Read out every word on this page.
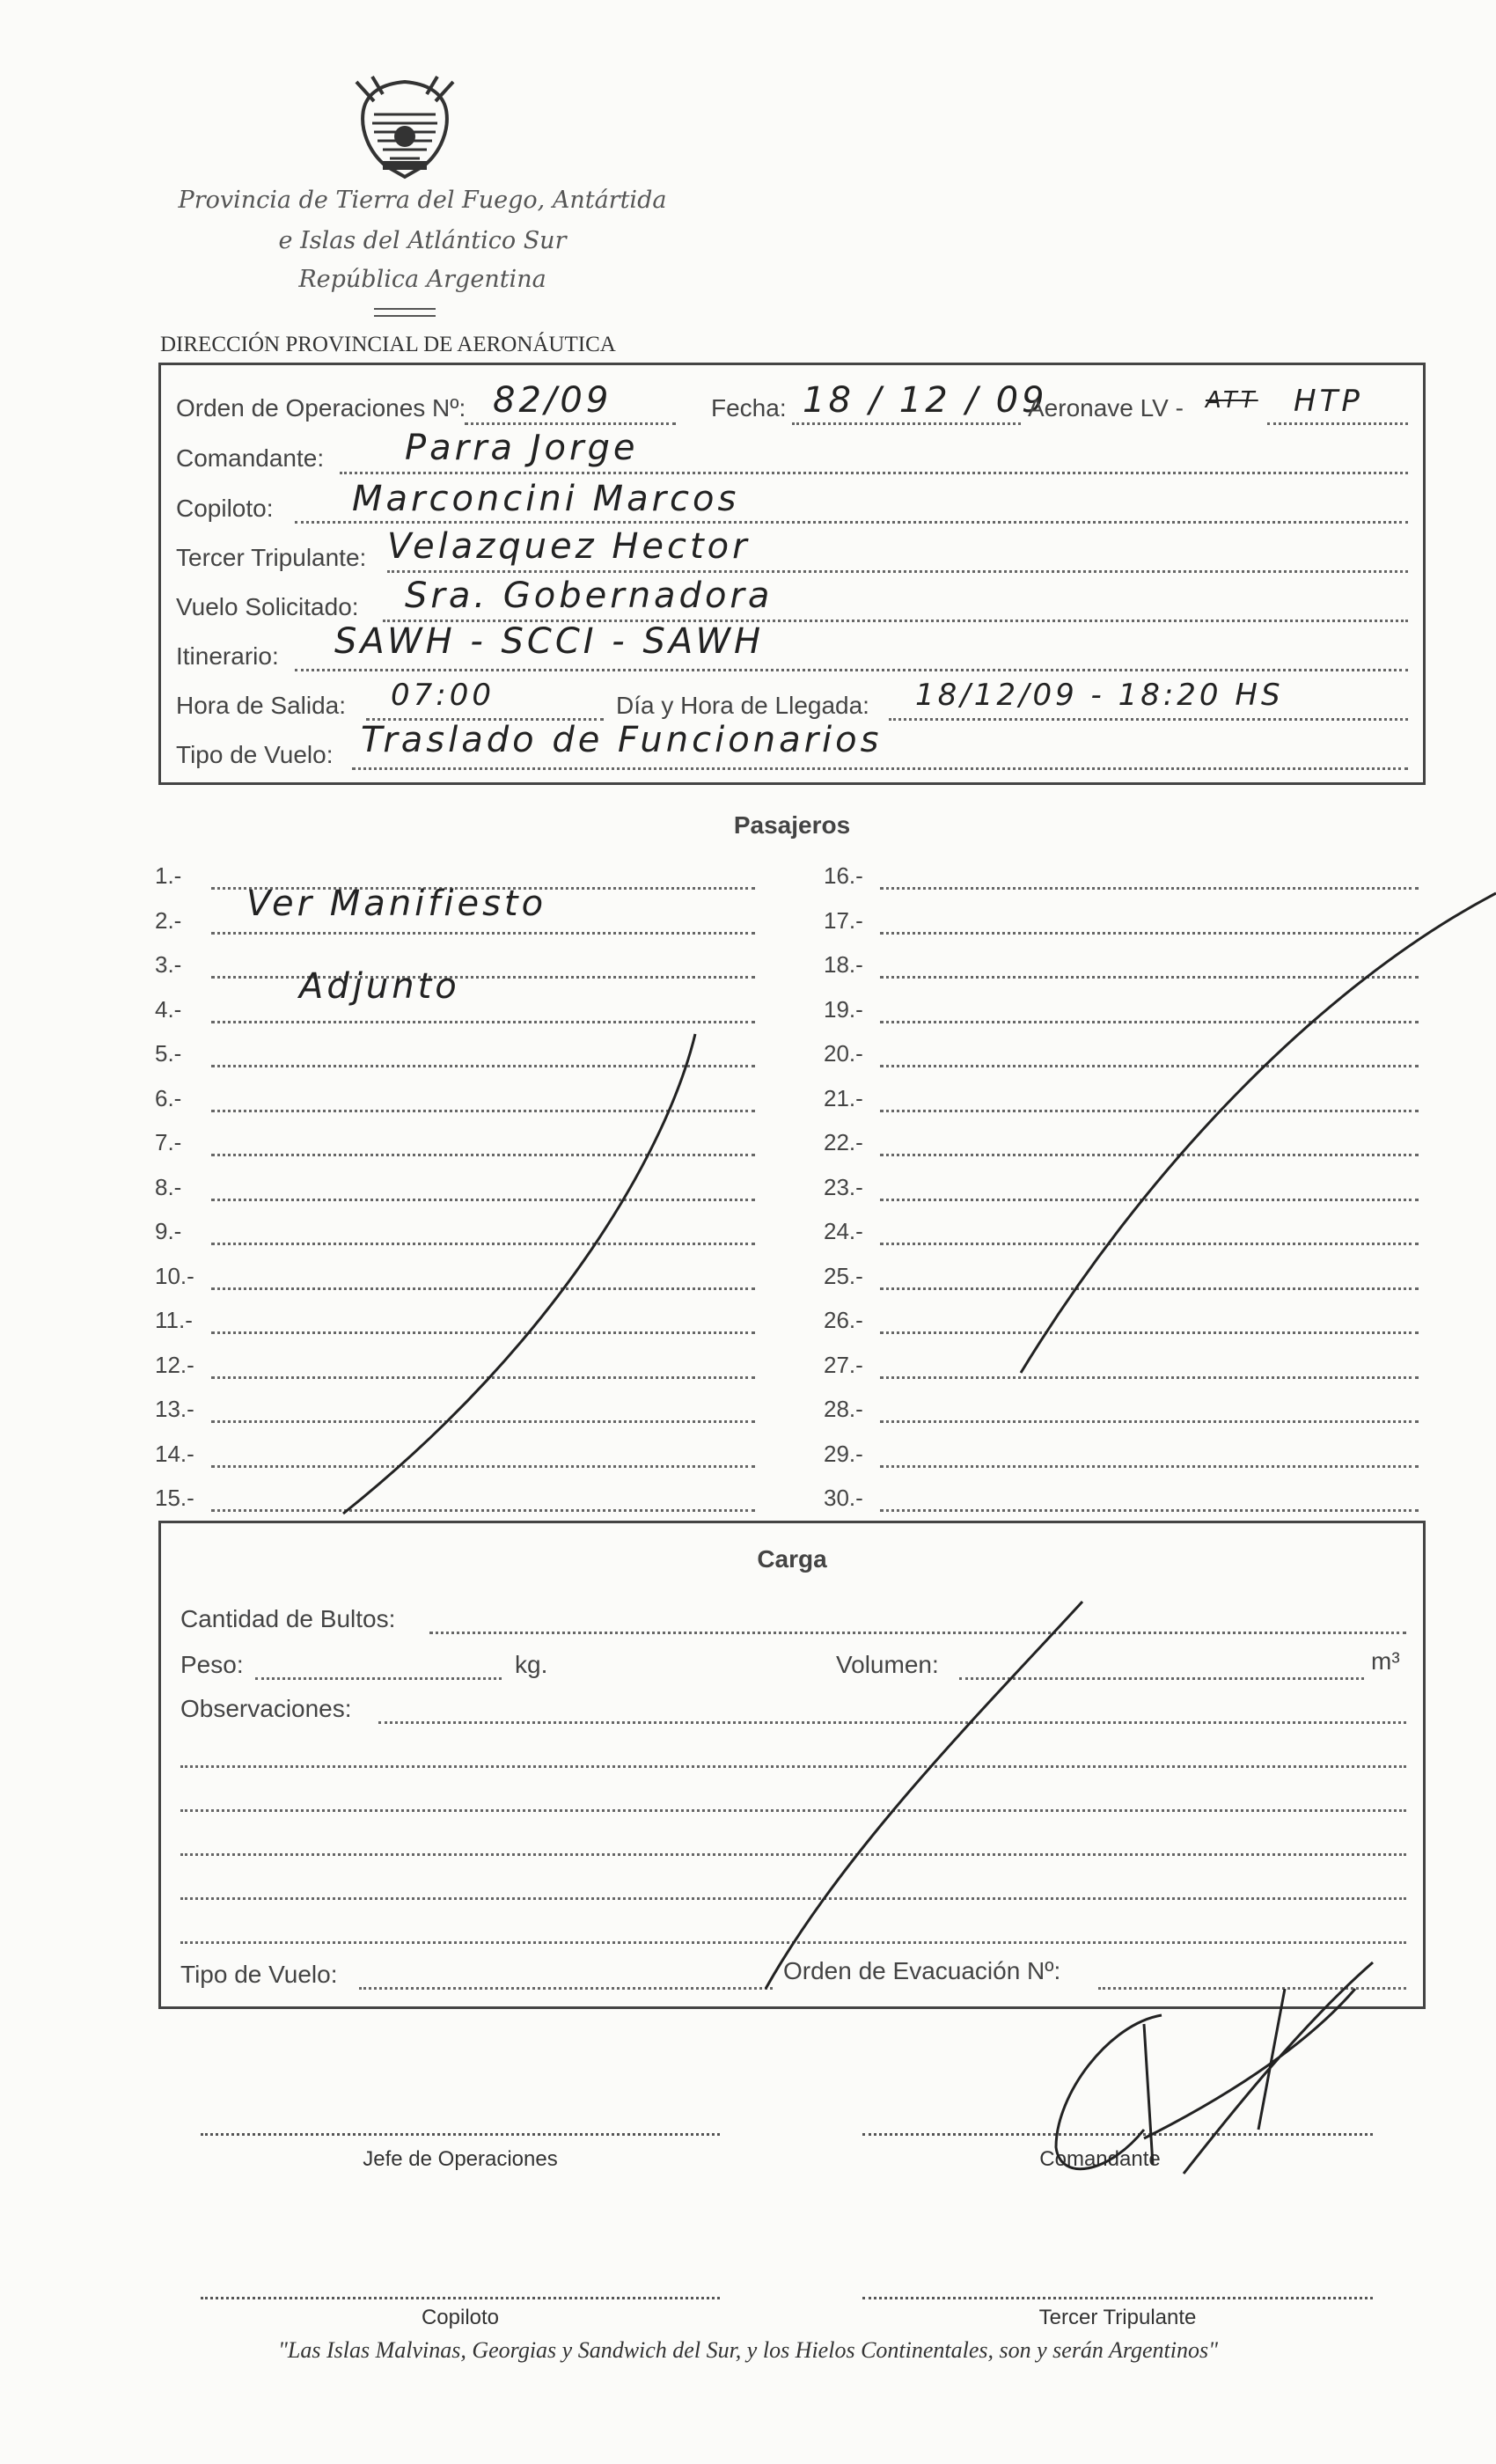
Provincia de Tierra del Fuego, Antártida
e Islas del Atlántico Sur
República Argentina
DIRECCIÓN PROVINCIAL DE AERONÁUTICA
Orden de Operaciones Nº: 82/09	Fecha: 18 / 12 / 09
Aeronave LV - ATT HTP
Comandante: Parra Jorge
Copiloto: Marconcini Marcos
Tercer Tripulante: Velazquez Hector
Vuelo Solicitado: Sra. Gobernadora
Itinerario: SAWH - SCCI - SAWH
Hora de Salida: 07:00	Día y Hora de Llegada: 18/12/09 - 18:20 HS
Tipo de Vuelo: Traslado de Funcionarios
Pasajeros
1.-
2.-
3.-
4.-
5.-
6.-
7.-
8.-
9.-
10.-
11.-
12.-
13.-
14.-
15.-
16.-
17.-
18.-
19.-
20.-
21.-
22.-
23.-
24.-
25.-
26.-
27.-
28.-
29.-
30.-
Ver Manifiesto
Adjunto
Carga
Cantidad de Bultos:
Peso:	kg.	Volumen:	m³
Observaciones:
Tipo de Vuelo:	Orden de Evacuación Nº:
Jefe de Operaciones	Comandante
Copiloto	Tercer Tripulante
"Las Islas Malvinas, Georgias y Sandwich del Sur, y los Hielos Continentales, son y serán Argentinos"
